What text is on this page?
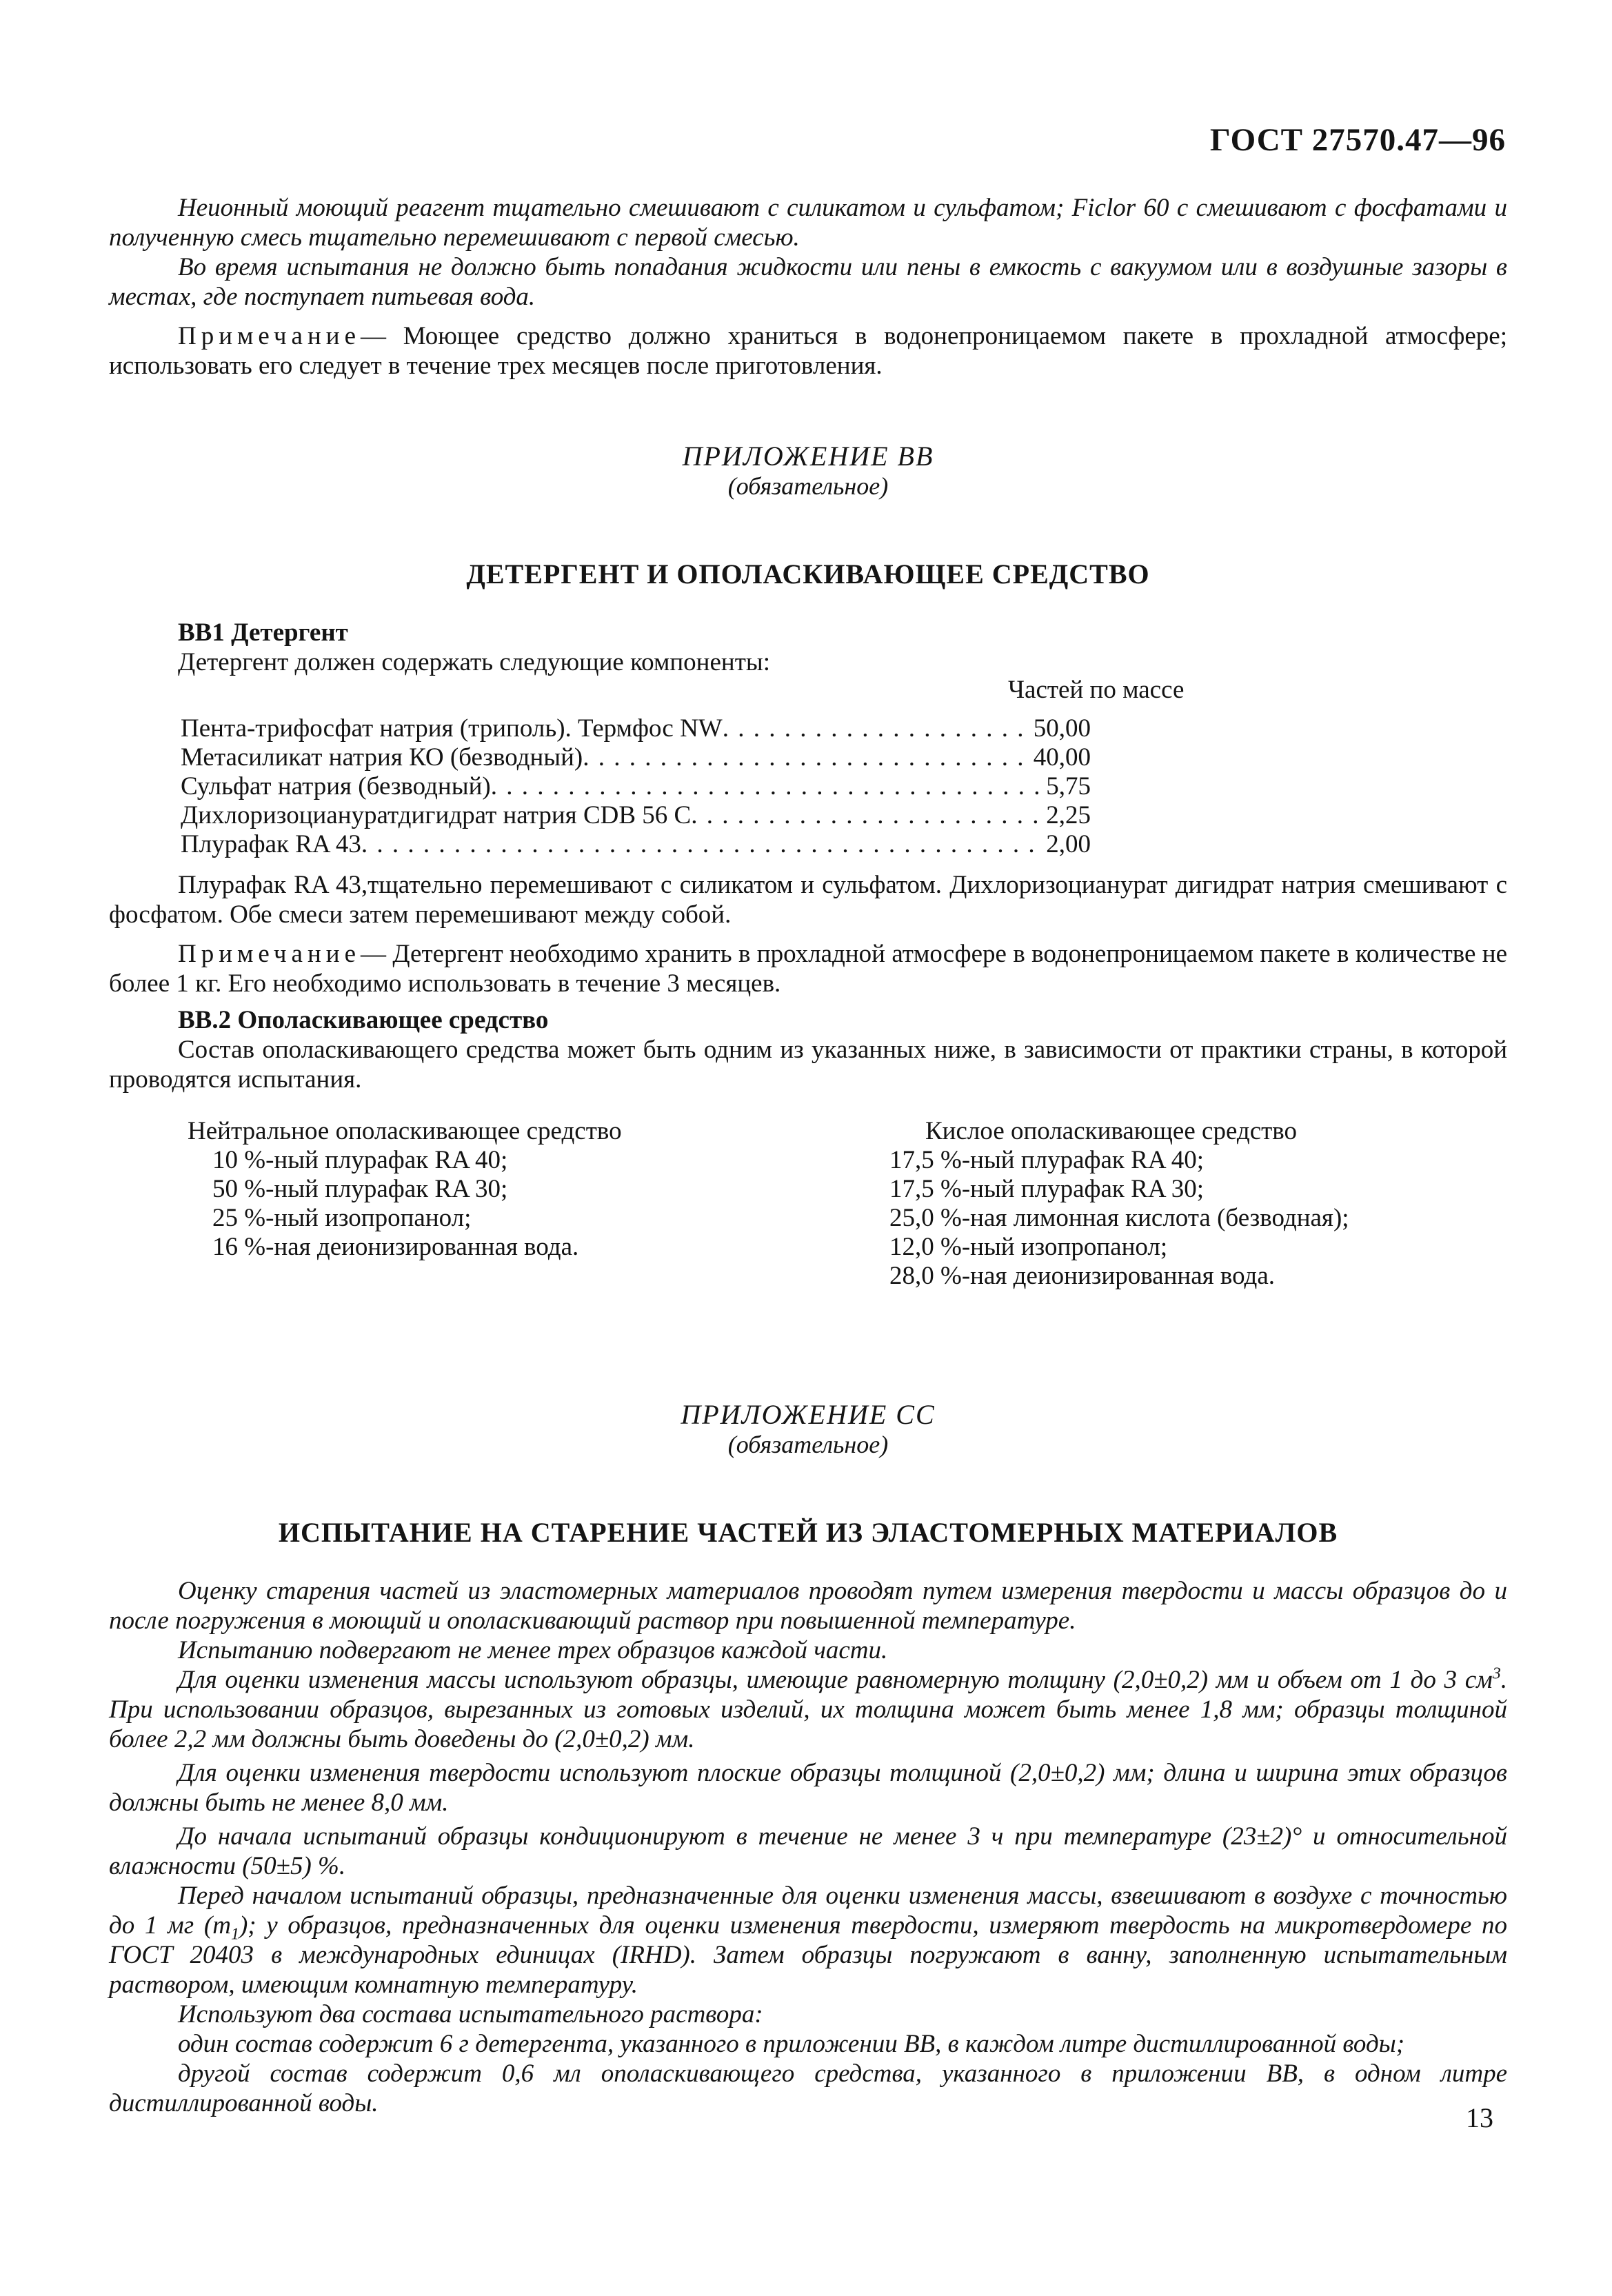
ГОСТ 27570.47—96

Неионный моющий реагент тщательно смешивают с силикатом и сульфатом; Ficlor 60 с смешивают с фосфатами и полученную смесь тщательно перемешивают с первой смесью.

Во время испытания не должно быть попадания жидкости или пены в емкость с вакуумом или в воздушные зазоры в местах, где поступает питьевая вода.

Примечание— Моющее средство должно храниться в водонепроницаемом пакете в прохладной атмосфере; использовать его следует в течение трех месяцев после приготовления.

ПРИЛОЖЕНИЕ ВВ
(обязательное)
ДЕТЕРГЕНТ И ОПОЛАСКИВАЮЩЕЕ СРЕДСТВО
ВВ1 Детергент
Детергент должен содержать следующие компоненты:
Частей по массе
Пента-трифосфат натрия (триполь). Термфос NW . . .	50,00
Метасиликат натрия КО (безводный) . . .	40,00
Сульфат натрия (безводный) . . .	5,75
Дихлоризоциануратдигидрат натрия CDB 56 С . . .	2,25
Плурафак RA 43 . . .	2,00

Плурафак RA 43,тщательно перемешивают с силикатом и сульфатом. Дихлоризоцианурат дигидрат натрия смешивают с фосфатом. Обе смеси затем перемешивают между собой.

Примечание— Детергент необходимо хранить в прохладной атмосфере в водонепроницаемом пакете в количестве не более 1 кг. Его необходимо использовать в течение 3 месяцев.

ВВ.2 Ополаскивающее средство

Состав ополаскивающего средства может быть одним из указанных ниже, в зависимости от практики страны, в которой проводятся испытания.

Нейтральное ополаскивающее средство
10 %-ный плурафак RA 40;
50 %-ный плурафак RA 30;
25 %-ный изопропанол;
16 %-ная деионизированная вода.
Кислое ополаскивающее средство
17,5 %-ный плурафак RA 40;
17,5 %-ный плурафак RA 30;
25,0 %-ная лимонная кислота (безводная);
12,0 %-ный изопропанол;
28,0 %-ная деионизированная вода.
ПРИЛОЖЕНИЕ СС
(обязательное)
ИСПЫТАНИЕ НА СТАРЕНИЕ ЧАСТЕЙ ИЗ ЭЛАСТОМЕРНЫХ МАТЕРИАЛОВ

Оценку старения частей из эластомерных материалов проводят путем измерения твердости и массы образцов до и после погружения в моющий и ополаскивающий раствор при повышенной температуре.

Испытанию подвергают не менее трех образцов каждой части.

Для оценки изменения массы используют образцы, имеющие равномерную толщину (2,0±0,2) мм и объем от 1 до 3 $см^3$. При использовании образцов, вырезанных из готовых изделий, их толщина может быть менее 1,8 мм; образцы толщиной более 2,2 мм должны быть доведены до (2,0±0,2) мм.

Для оценки изменения твердости используют плоские образцы толщиной (2,0±0,2) мм; длина и ширина этих образцов должны быть не менее 8,0 мм.

До начала испытаний образцы кондиционируют в течение не менее 3 ч при температуре (23±2)° и относительной влажности (50±5) %.

Перед началом испытаний образцы, предназначенные для оценки изменения массы, взвешивают в воздухе с точностью до 1 мг $(m_1)$; у образцов, предназначенных для оценки изменения твердости, измеряют твердость на микротвердомере по ГОСТ 20403 в международных единицах (IRHD). Затем образцы погружают в ванну, заполненную испытательным раствором, имеющим комнатную температуру.

Используют два состава испытательного раствора:

один состав содержит 6 г детергента, указанного в приложении ВВ, в каждом литре дистиллированной воды;

другой состав содержит 0,6 мл ополаскивающего средства, указанного в приложении ВВ, в одном литре дистиллированной воды.	13
